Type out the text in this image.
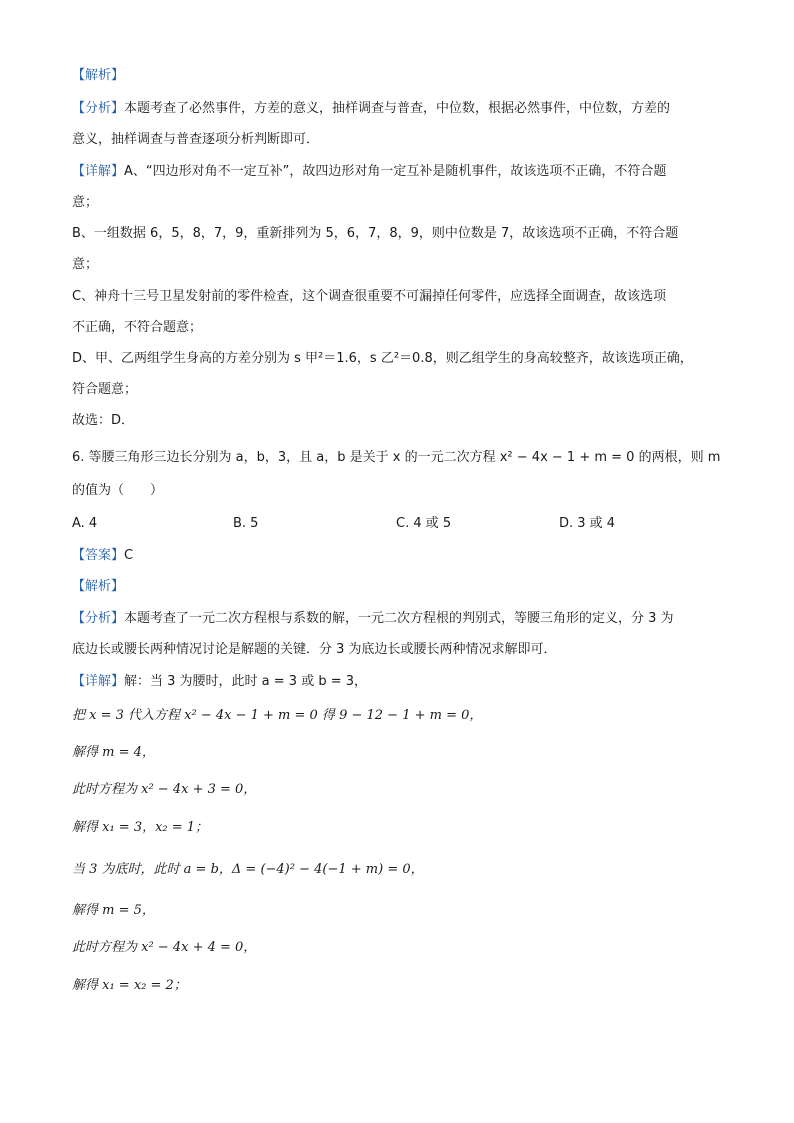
【解析】
【分析】本题考查了必然事件，方差的意义，抽样调查与普查，中位数，根据必然事件，中位数，方差的
意义，抽样调查与普查逐项分析判断即可．
【详解】A、“四边形对角不一定互补”，故四边形对角一定互补是随机事件，故该选项不正确，不符合题
意；
B、一组数据 6，5，8，7，9，重新排列为 5，6，7，8，9，则中位数是 7，故该选项不正确，不符合题
意；
C、神舟十三号卫星发射前的零件检查，这个调查很重要不可漏掉任何零件，应选择全面调查，故该选项
不正确，不符合题意；
D、甲、乙两组学生身高的方差分别为 s 甲²＝1.6，s 乙²＝0.8，则乙组学生的身高较整齐，故该选项正确，
符合题意；
故选：D．
6. 等腰三角形三边长分别为 a，b，3，且 a，b 是关于 x 的一元二次方程 x² − 4x − 1 + m = 0 的两根，则 m
的值为（　　）
A. 4	B. 5	C. 4 或 5	D. 3 或 4
【答案】C
【解析】
【分析】本题考查了一元二次方程根与系数的解，一元二次方程根的判别式，等腰三角形的定义，分 3 为
底边长或腰长两种情况讨论是解题的关键．分 3 为底边长或腰长两种情况求解即可．
【详解】解：当 3 为腰时，此时 a = 3 或 b = 3，
把 x = 3 代入方程 x² − 4x − 1 + m = 0 得 9 − 12 − 1 + m = 0，
解得 m = 4，
此时方程为 x² − 4x + 3 = 0，
解得 x₁ = 3，x₂ = 1；
当 3 为底时，此时 a = b，Δ = (−4)² − 4(−1 + m) = 0，
解得 m = 5，
此时方程为 x² − 4x + 4 = 0，
解得 x₁ = x₂ = 2；
